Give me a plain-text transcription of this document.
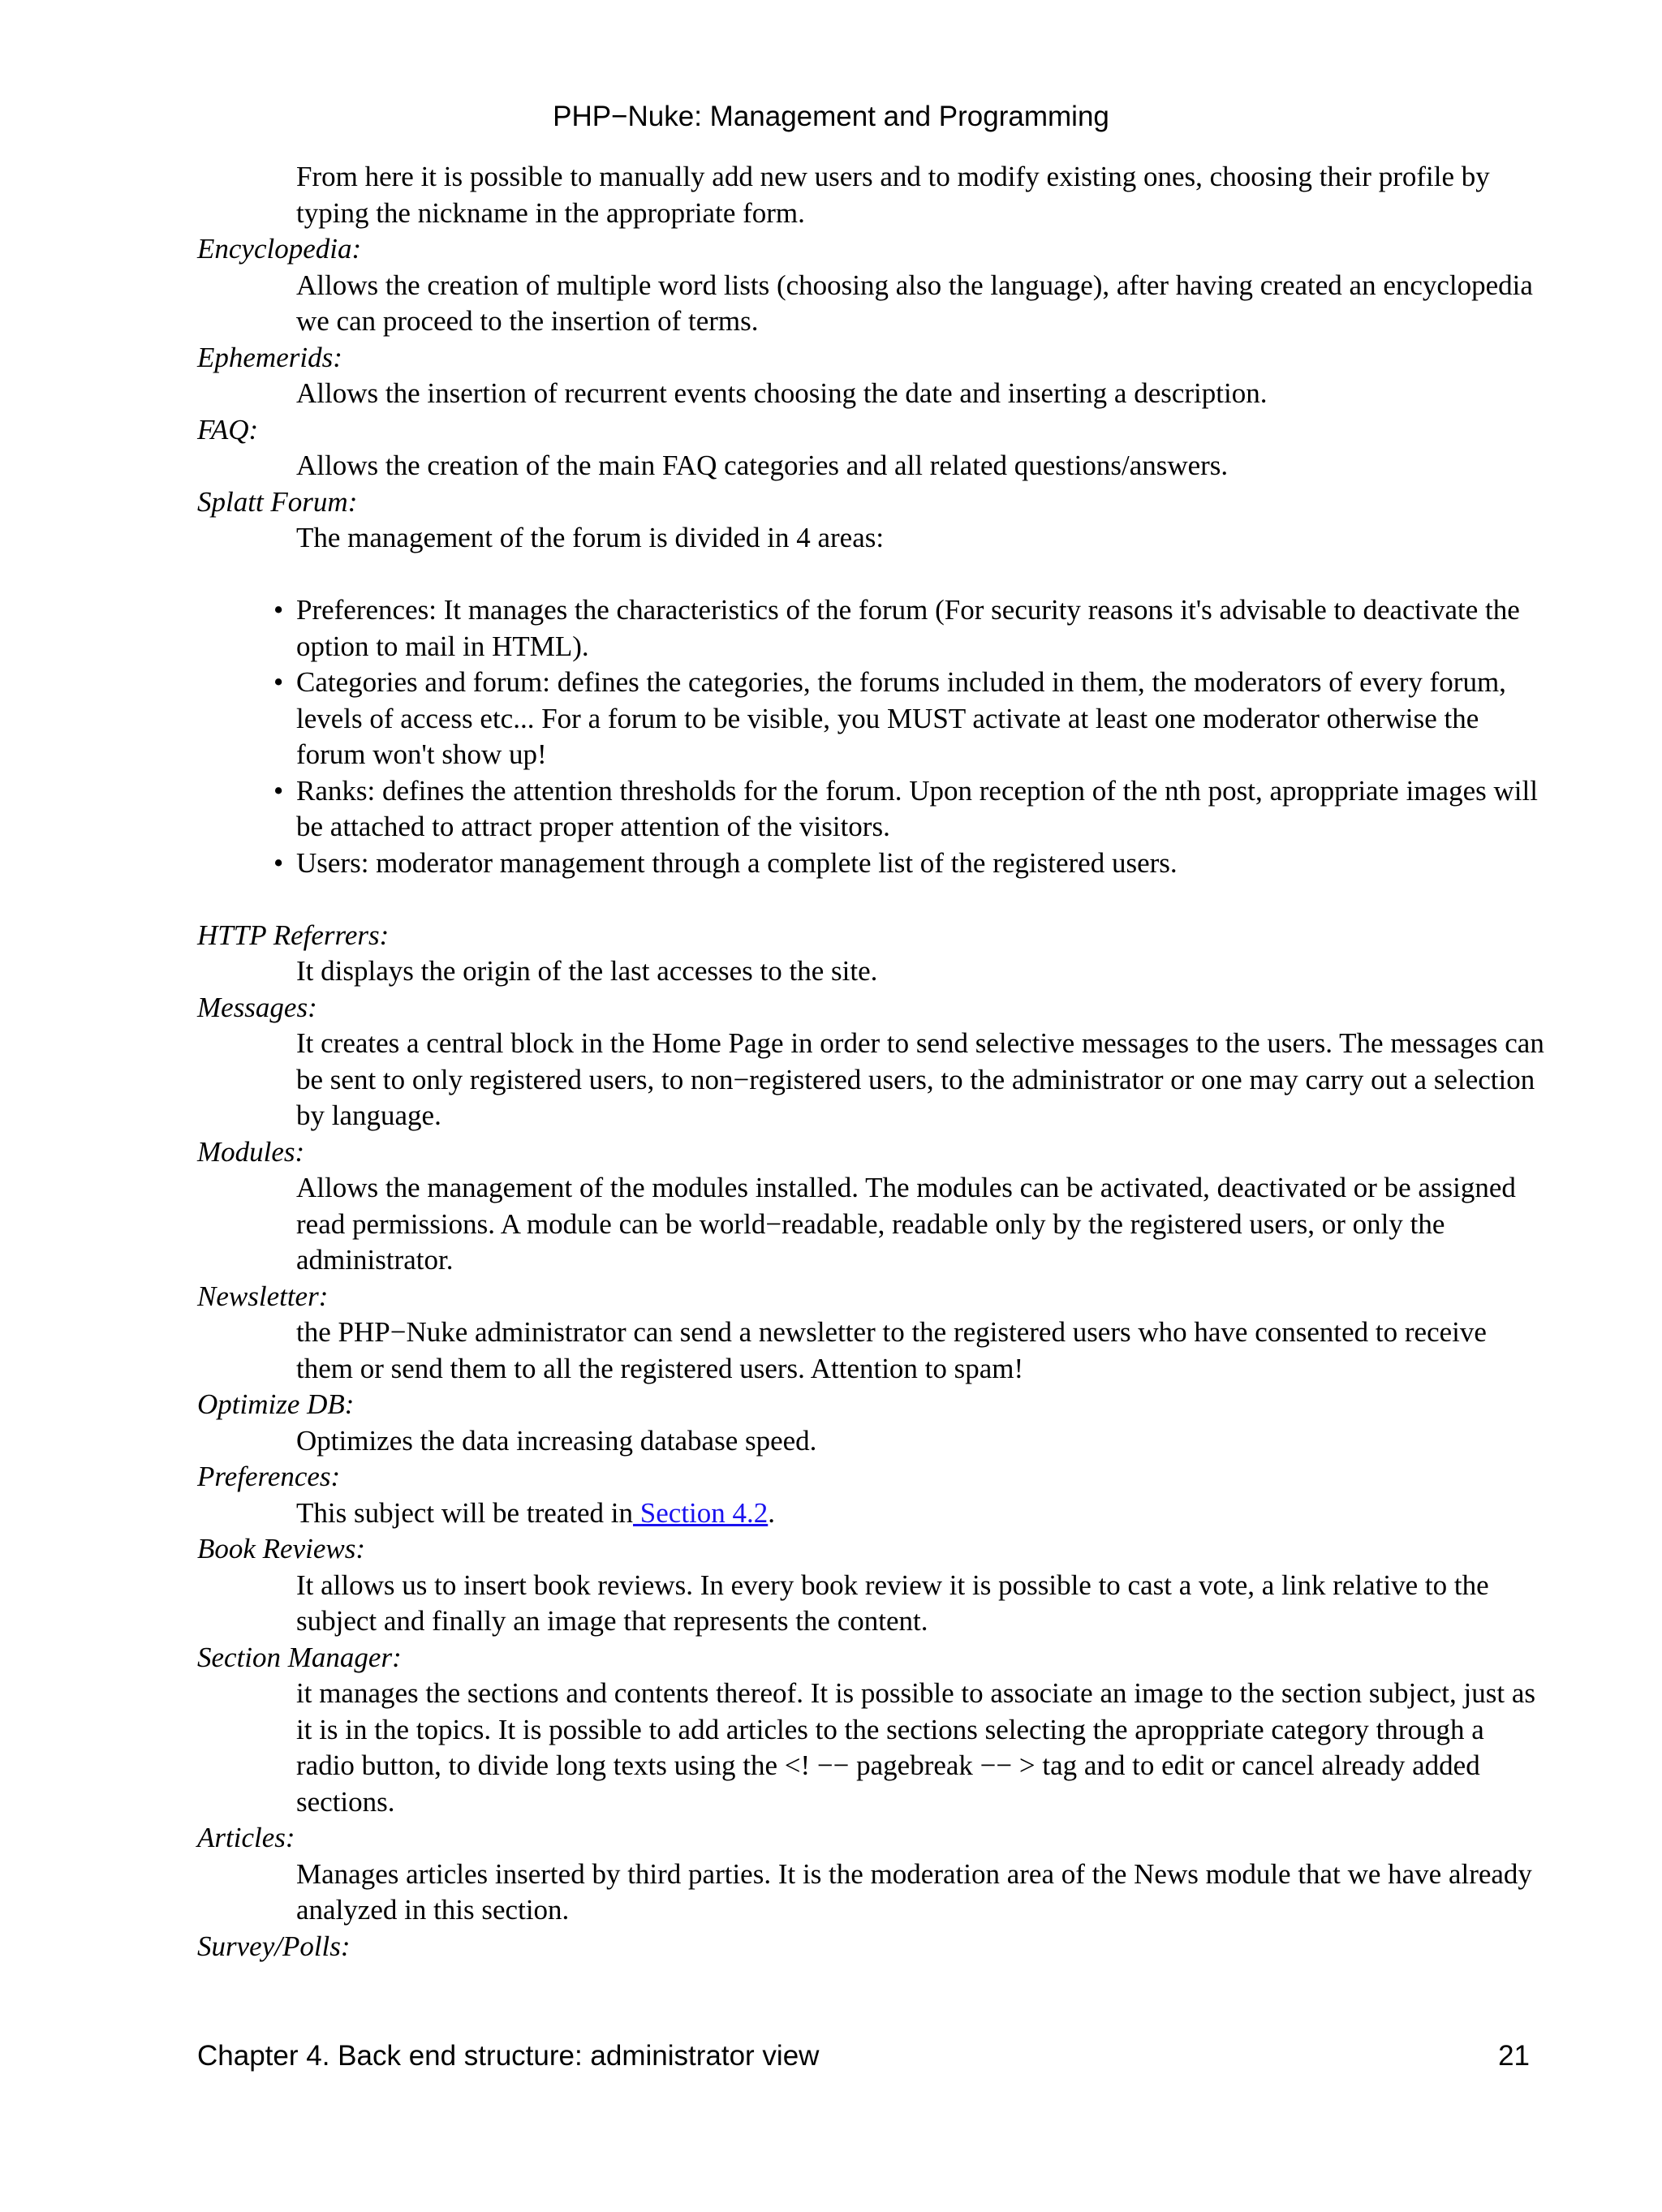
PHP−Nuke: Management and Programming

From here it is possible to manually add new users and to modify existing ones, choosing their profile by typing the nickname in the appropriate form.

Encyclopedia:

Allows the creation of multiple word lists (choosing also the language), after having created an encyclopedia we can proceed to the insertion of terms.

Ephemerids:

Allows the insertion of recurrent events choosing the date and inserting a description.

FAQ:

Allows the creation of the main FAQ categories and all related questions/answers.

Splatt Forum:

The management of the forum is divided in 4 areas:

• Preferences: It manages the characteristics of the forum (For security reasons it's advisable to deactivate the option to mail in HTML).
• Categories and forum: defines the categories, the forums included in them, the moderators of every forum, levels of access etc... For a forum to be visible, you MUST activate at least one moderator otherwise the forum won't show up!
• Ranks: defines the attention thresholds for the forum. Upon reception of the nth post, aproppriate images will be attached to attract proper attention of the visitors.
• Users: moderator management through a complete list of the registered users.

HTTP Referrers:

It displays the origin of the last accesses to the site.

Messages:

It creates a central block in the Home Page in order to send selective messages to the users. The messages can be sent to only registered users, to non−registered users, to the administrator or one may carry out a selection by language.

Modules:

Allows the management of the modules installed. The modules can be activated, deactivated or be assigned read permissions. A module can be world−readable, readable only by the registered users, or only the administrator.

Newsletter:

the PHP−Nuke administrator can send a newsletter to the registered users who have consented to receive them or send them to all the registered users. Attention to spam!

Optimize DB:

Optimizes the data increasing database speed.

Preferences:

This subject will be treated in Section 4.2.

Book Reviews:

It allows us to insert book reviews. In every book review it is possible to cast a vote, a link relative to the subject and finally an image that represents the content.

Section Manager:

it manages the sections and contents thereof. It is possible to associate an image to the section subject, just as it is in the topics. It is possible to add articles to the sections selecting the aproppriate category through a radio button, to divide long texts using the <! −− pagebreak −− > tag and to edit or cancel already added sections.

Articles:

Manages articles inserted by third parties. It is the moderation area of the News module that we have already analyzed in this section.

Survey/Polls:

Chapter 4. Back end structure: administrator view	21
